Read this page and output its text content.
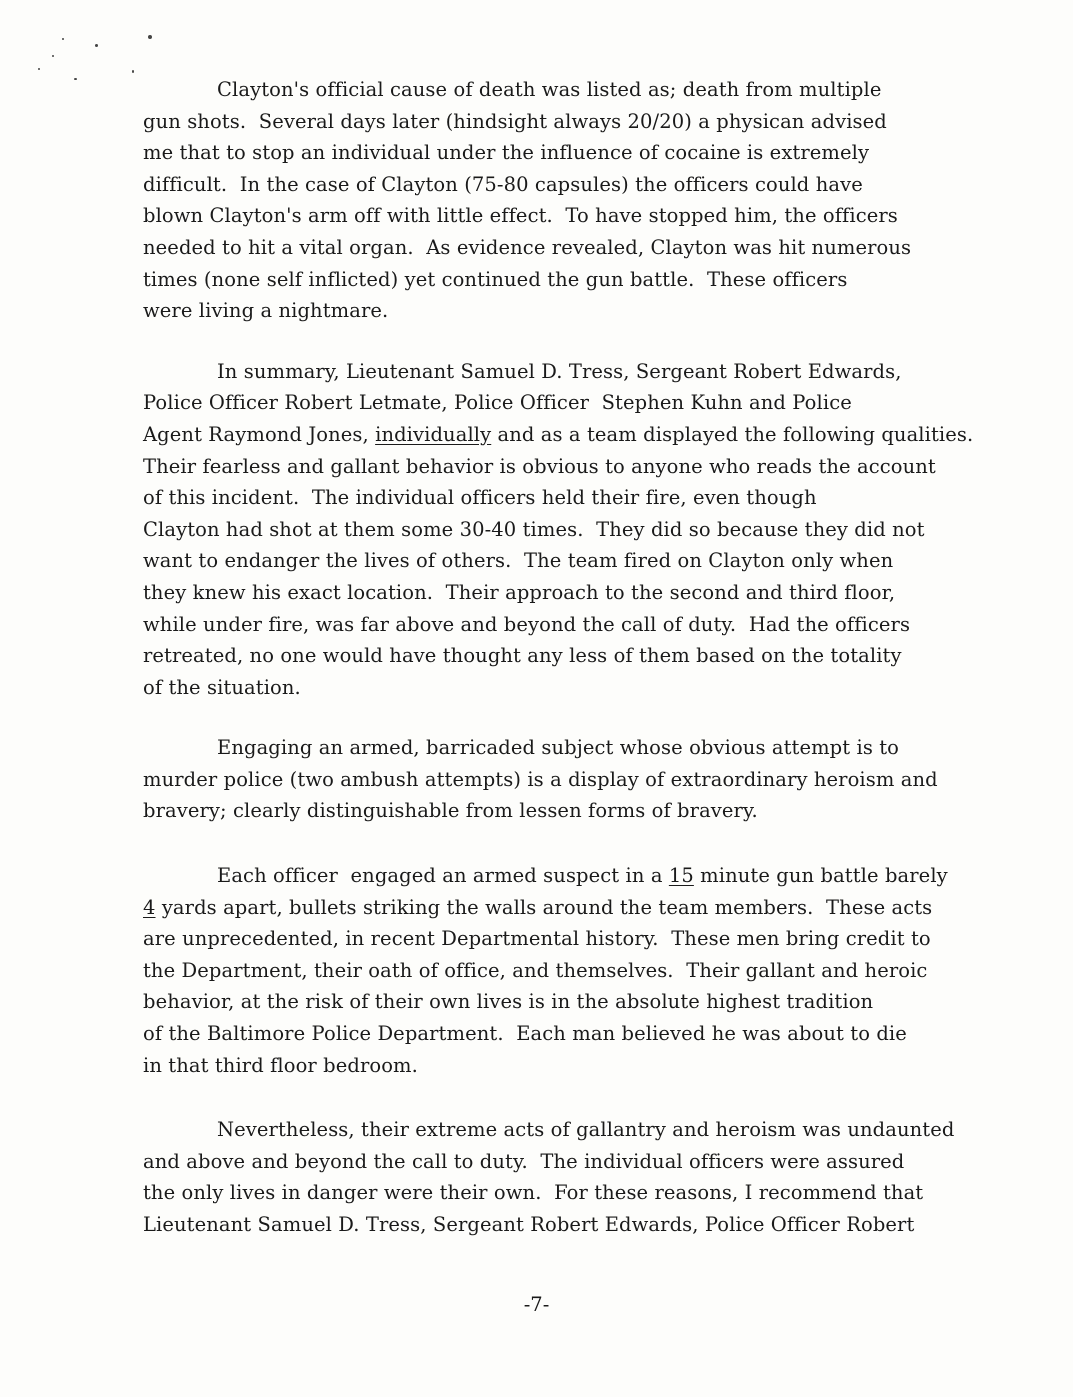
Clayton's official cause of death was listed as; death from multiple
gun shots.  Several days later (hindsight always 20/20) a physican advised
me that to stop an individual under the influence of cocaine is extremely
difficult.  In the case of Clayton (75-80 capsules) the officers could have
blown Clayton's arm off with little effect.  To have stopped him, the officers
needed to hit a vital organ.  As evidence revealed, Clayton was hit numerous
times (none self inflicted) yet continued the gun battle.  These officers
were living a nightmare.
In summary, Lieutenant Samuel D. Tress, Sergeant Robert Edwards,
Police Officer Robert Letmate, Police Officer  Stephen Kuhn and Police
Agent Raymond Jones, individually and as a team displayed the following qualities.
Their fearless and gallant behavior is obvious to anyone who reads the account
of this incident.  The individual officers held their fire, even though
Clayton had shot at them some 30-40 times.  They did so because they did not
want to endanger the lives of others.  The team fired on Clayton only when
they knew his exact location.  Their approach to the second and third floor,
while under fire, was far above and beyond the call of duty.  Had the officers
retreated, no one would have thought any less of them based on the totality
of the situation.
Engaging an armed, barricaded subject whose obvious attempt is to
murder police (two ambush attempts) is a display of extraordinary heroism and
bravery; clearly distinguishable from lessen forms of bravery.
Each officer  engaged an armed suspect in a 15 minute gun battle barely
4 yards apart, bullets striking the walls around the team members.  These acts
are unprecedented, in recent Departmental history.  These men bring credit to
the Department, their oath of office, and themselves.  Their gallant and heroic
behavior, at the risk of their own lives is in the absolute highest tradition
of the Baltimore Police Department.  Each man believed he was about to die
in that third floor bedroom.
Nevertheless, their extreme acts of gallantry and heroism was undaunted
and above and beyond the call to duty.  The individual officers were assured
the only lives in danger were their own.  For these reasons, I recommend that
Lieutenant Samuel D. Tress, Sergeant Robert Edwards, Police Officer Robert
-7-
